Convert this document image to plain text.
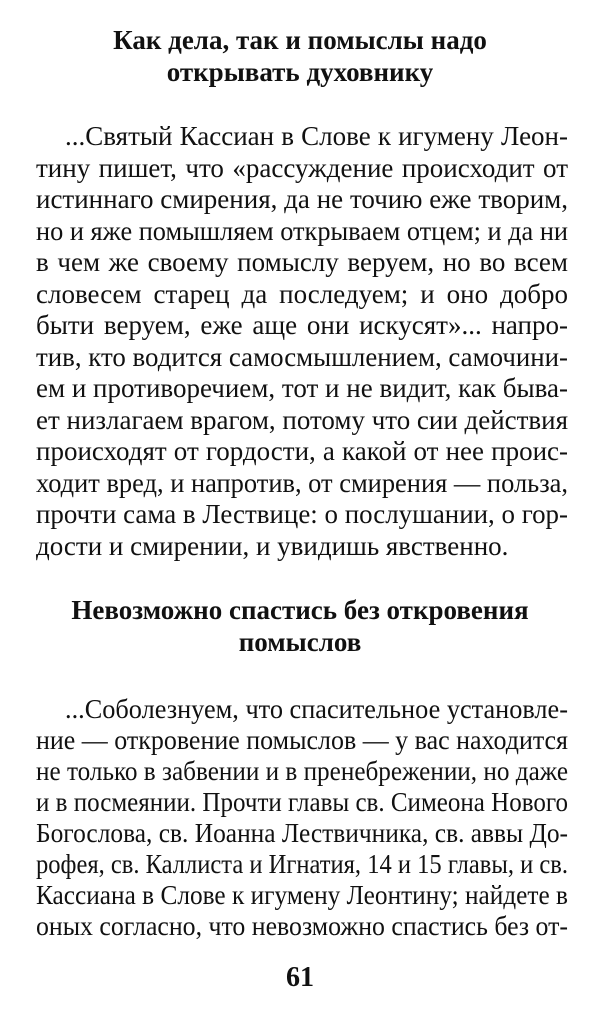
Как дела, так и помыслы надо
открывать духовнику
...Святый Кассиан в Слове к игумену Леон-
тину пишет, что «рассуждение происходит от
истиннаго смирения, да не точию еже творим,
но и яже помышляем открываем отцем; и да ни
в чем же своему помыслу веруем, но во всем
словесем старец да последуем; и оно добро
быти веруем, еже аще они искусят»... напро-
тив, кто водится самосмышлением, самочини-
ем и противоречием, тот и не видит, как быва-
ет низлагаем врагом, потому что сии действия
происходят от гордости, а какой от нее проис-
ходит вред, и напротив, от смирения — польза,
прочти сама в Лествице: о послушании, о гор-
дости и смирении, и увидишь явственно.
Невозможно спастись без откровения
помыслов
...Соболезнуем, что спасительное установле-
ние — откровение помыслов — у вас находится
не только в забвении и в пренебрежении, но даже
и в посмеянии. Прочти главы св. Симеона Нового
Богослова, св. Иоанна Лествичника, св. аввы До-
рофея, св. Каллиста и Игнатия, 14 и 15 главы, и св.
Кассиана в Слове к игумену Леонтину; найдете в
оных согласно, что невозможно спастись без от-
61
